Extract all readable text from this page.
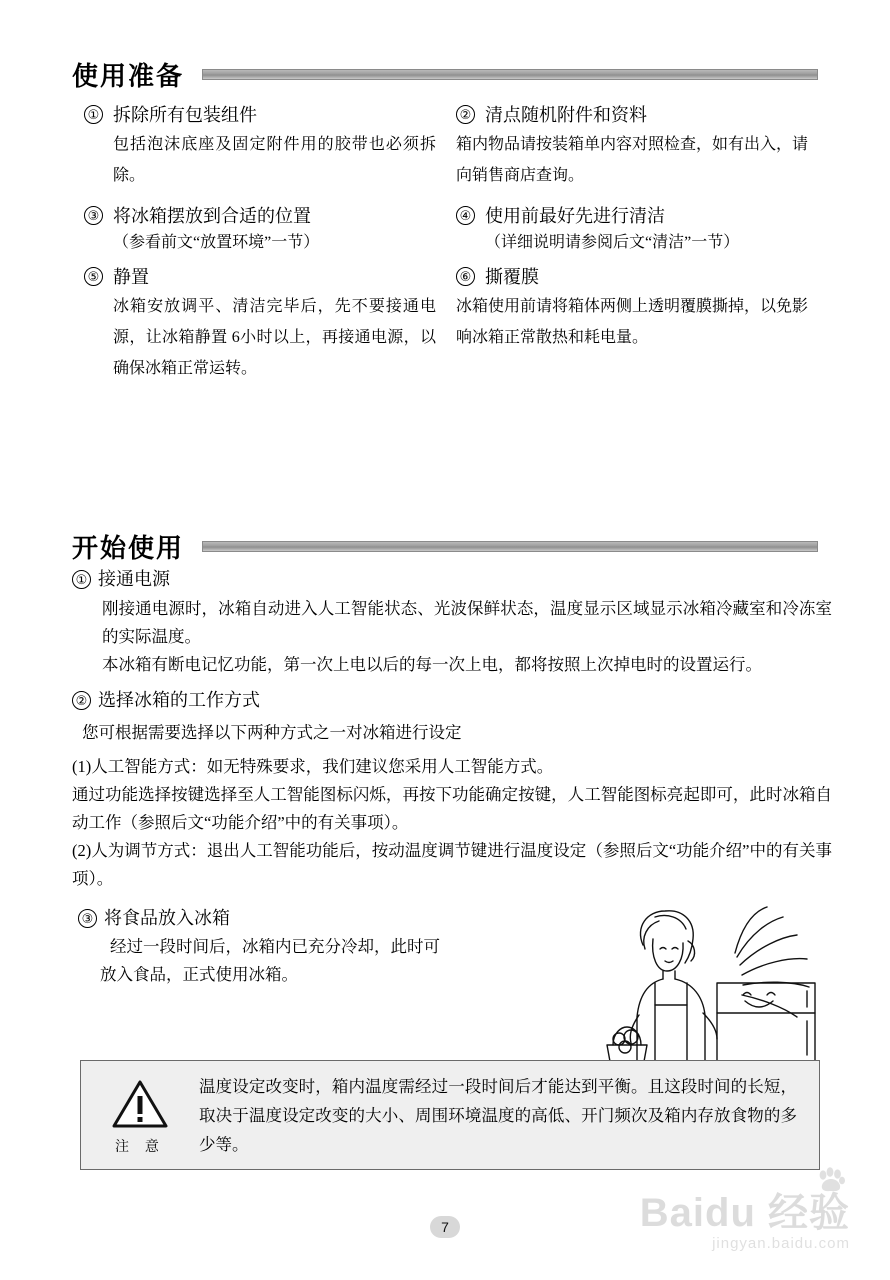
使用准备
① 拆除所有包装组件
包括泡沫底座及固定附件用的胶带也必须拆除。
③ 将冰箱摆放到合适的位置
（参看前文“放置环境”一节）
⑤ 静置
冰箱安放调平、清洁完毕后，先不要接通电源，让冰箱静置 6小时以上，再接通电源，以确保冰箱正常运转。
② 清点随机附件和资料
箱内物品请按装箱单内容对照检查，如有出入，请向销售商店查询。
④ 使用前最好先进行清洁
（详细说明请参阅后文“清洁”一节）
⑥ 撕覆膜
冰箱使用前请将箱体两侧上透明覆膜撕掉，以免影响冰箱正常散热和耗电量。
开始使用
① 接通电源
刚接通电源时，冰箱自动进入人工智能状态、光波保鲜状态，温度显示区域显示冰箱冷藏室和冷冻室的实际温度。
本冰箱有断电记忆功能，第一次上电以后的每一次上电，都将按照上次掉电时的设置运行。
② 选择冰箱的工作方式
您可根据需要选择以下两种方式之一对冰箱进行设定
(1)人工智能方式：如无特殊要求，我们建议您采用人工智能方式。
通过功能选择按键选择至人工智能图标闪烁，再按下功能确定按键，人工智能图标亮起即可，此时冰箱自动工作（参照后文“功能介绍”中的有关事项）。
(2)人为调节方式：退出人工智能功能后，按动温度调节键进行温度设定（参照后文“功能介绍”中的有关事项）。
③ 将食品放入冰箱
经过一段时间后，冰箱内已充分冷却，此时可
放入食品，正式使用冰箱。
注 意
温度设定改变时，箱内温度需经过一段时间后才能达到平衡。且这段时间的长短，取决于温度设定改变的大小、周围环境温度的高低、开门频次及箱内存放食物的多少等。
7	Baidu 经验
jingyan.baidu.com
